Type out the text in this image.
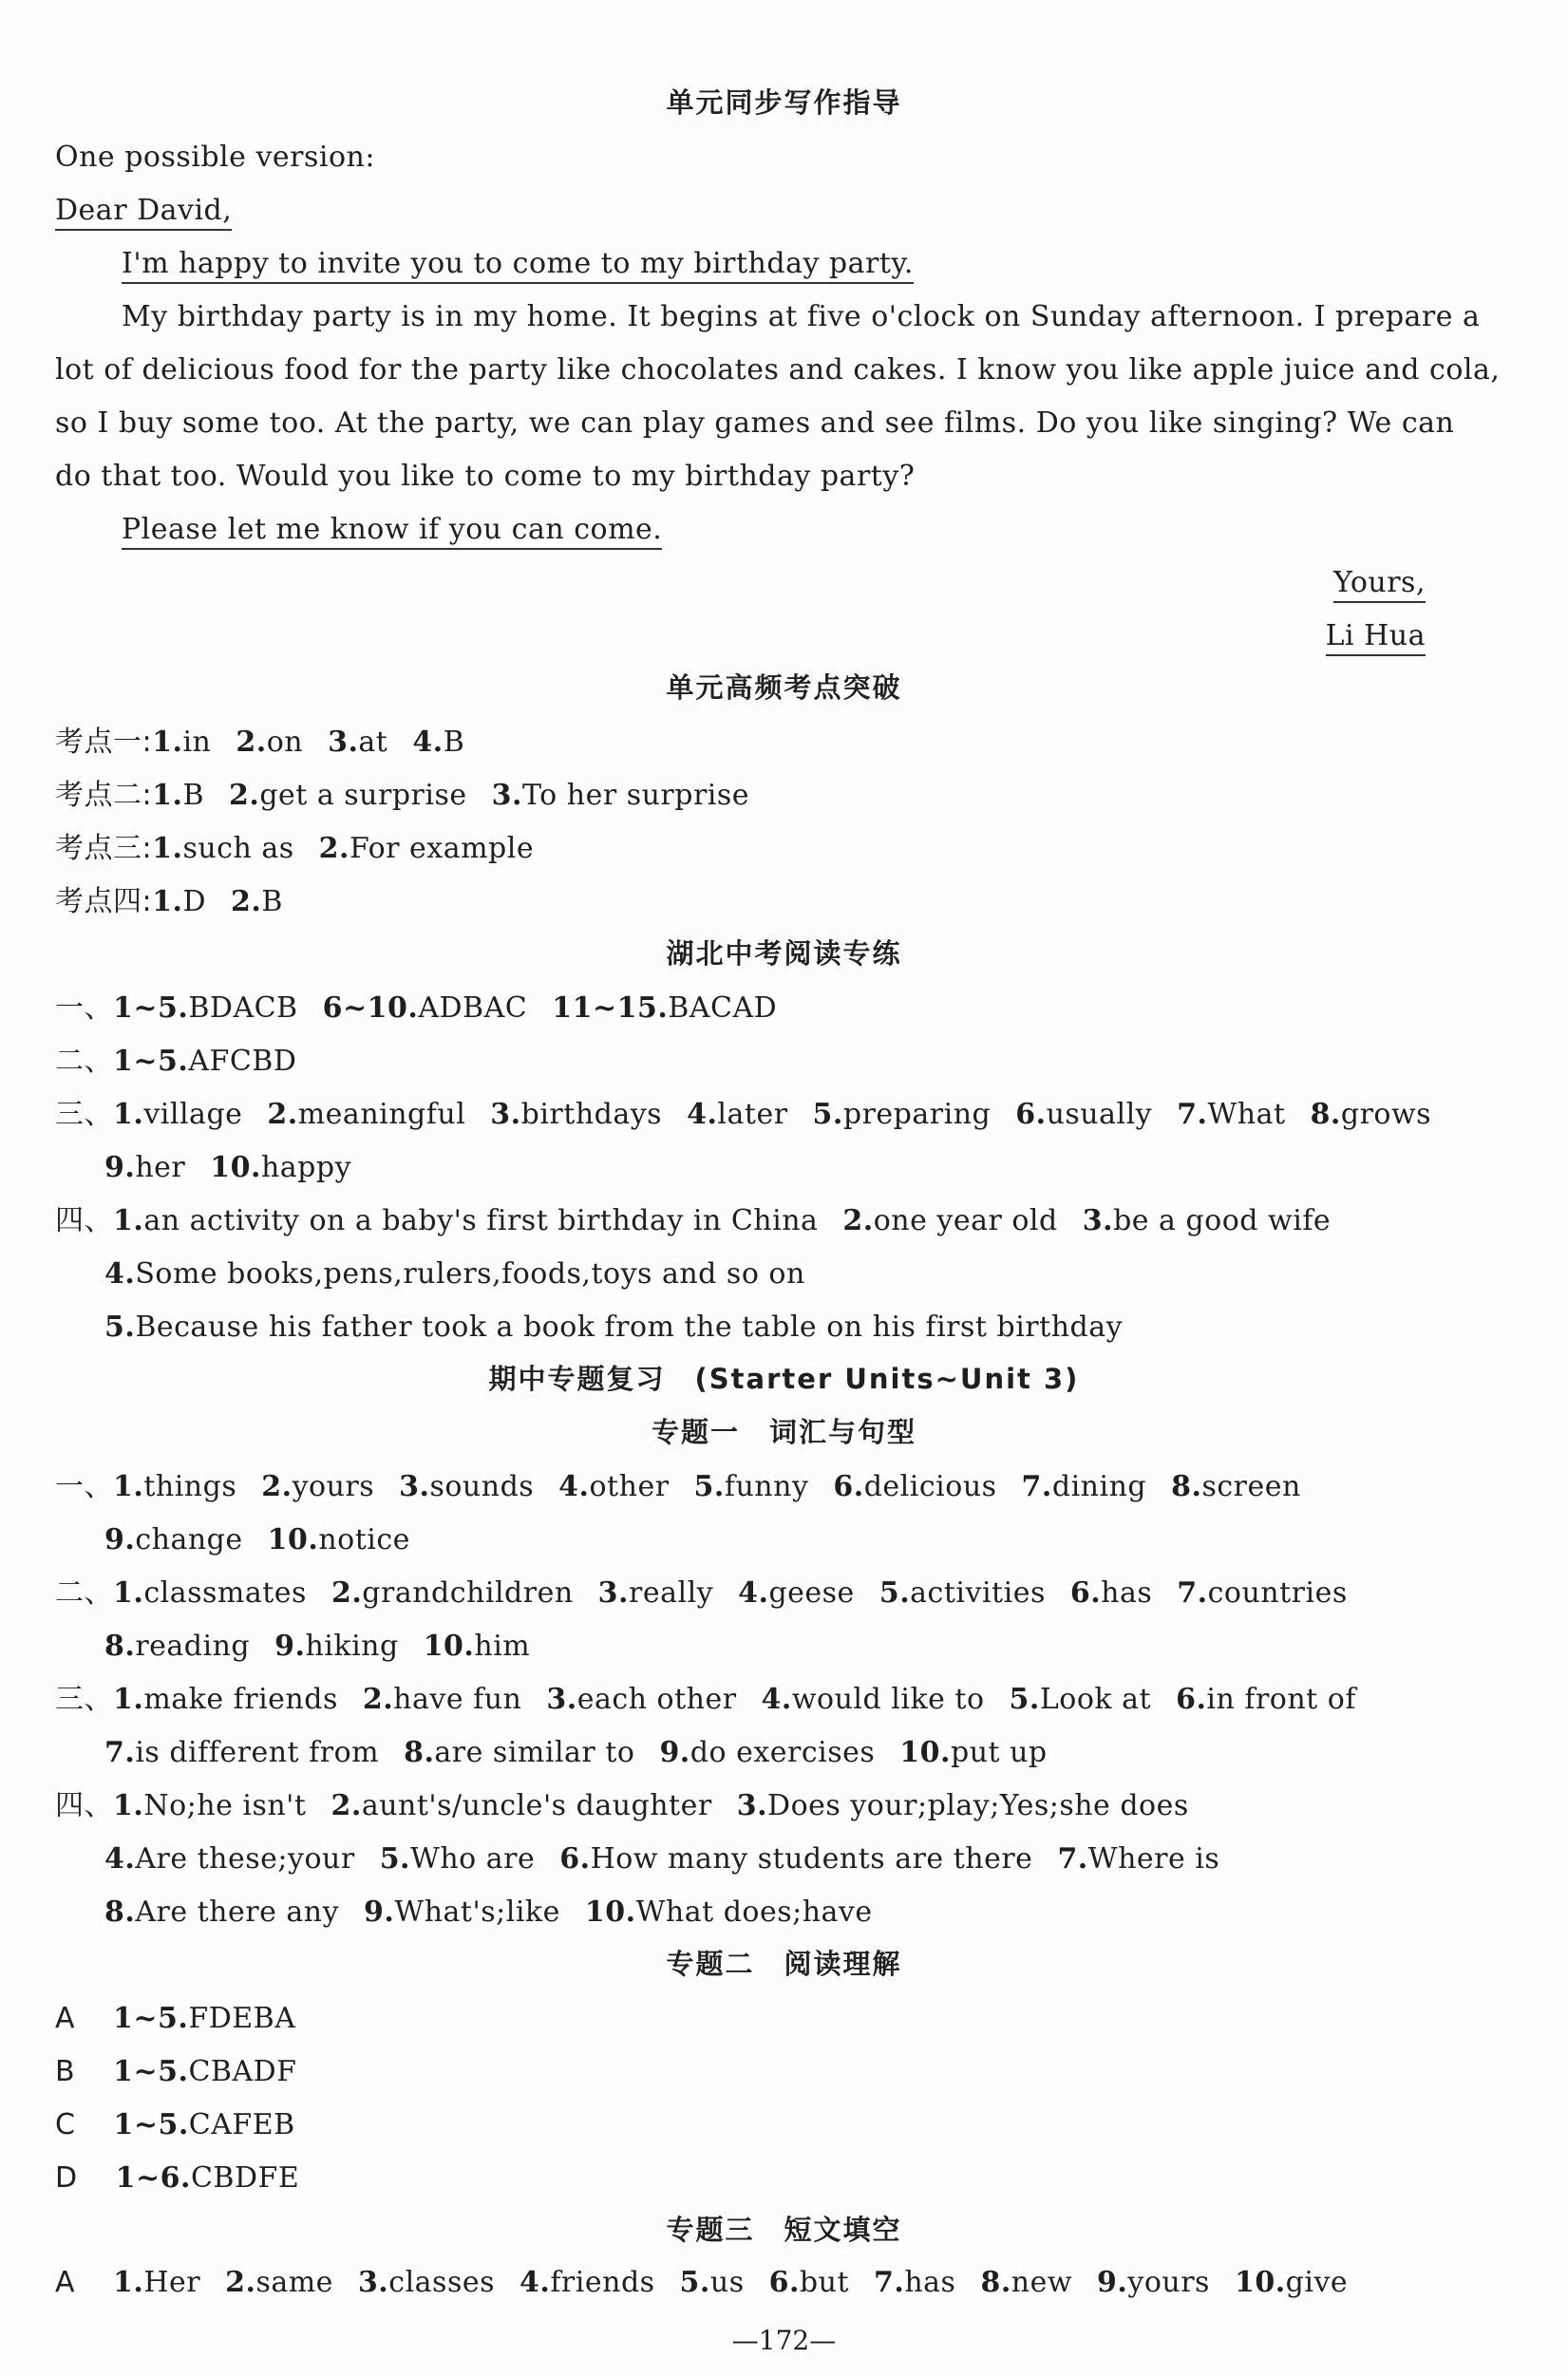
单元同步写作指导
One possible version:
Dear David,
I'm happy to invite you to come to my birthday party.
My birthday party is in my home. It begins at five o'clock on Sunday afternoon. I prepare a
lot of delicious food for the party like chocolates and cakes. I know you like apple juice and cola,
so I buy some too. At the party, we can play games and see films. Do you like singing? We can
do that too. Would you like to come to my birthday party?
Please let me know if you can come.
Yours,
Li Hua
单元高频考点突破
考点一:1.in 2.on 3.at 4.B
考点二:1.B 2.get a surprise 3.To her surprise
考点三:1.such as 2.For example
考点四:1.D 2.B
湖北中考阅读专练
一、1~5.BDACB 6~10.ADBAC 11~15.BACAD
二、1~5.AFCBD
三、1.village 2.meaningful 3.birthdays 4.later 5.preparing 6.usually 7.What 8.grows
9.her 10.happy
四、1.an activity on a baby's first birthday in China 2.one year old 3.be a good wife
4.Some books,pens,rulers,foods,toys and so on
5.Because his father took a book from the table on his first birthday
期中专题复习　(Starter Units~Unit 3)
专题一　词汇与句型
一、1.things 2.yours 3.sounds 4.other 5.funny 6.delicious 7.dining 8.screen
9.change 10.notice
二、1.classmates 2.grandchildren 3.really 4.geese 5.activities 6.has 7.countries
8.reading 9.hiking 10.him
三、1.make friends 2.have fun 3.each other 4.would like to 5.Look at 6.in front of
7.is different from 8.are similar to 9.do exercises 10.put up
四、1.No;he isn't 2.aunt's/uncle's daughter 3.Does your;play;Yes;she does
4.Are these;your 5.Who are 6.How many students are there 7.Where is
8.Are there any 9.What's;like 10.What does;have
专题二　阅读理解
A 1~5.FDEBA
B 1~5.CBADF
C 1~5.CAFEB
D 1~6.CBDFE
专题三　短文填空
A 1.Her 2.same 3.classes 4.friends 5.us 6.but 7.has 8.new 9.yours 10.give
—172—
